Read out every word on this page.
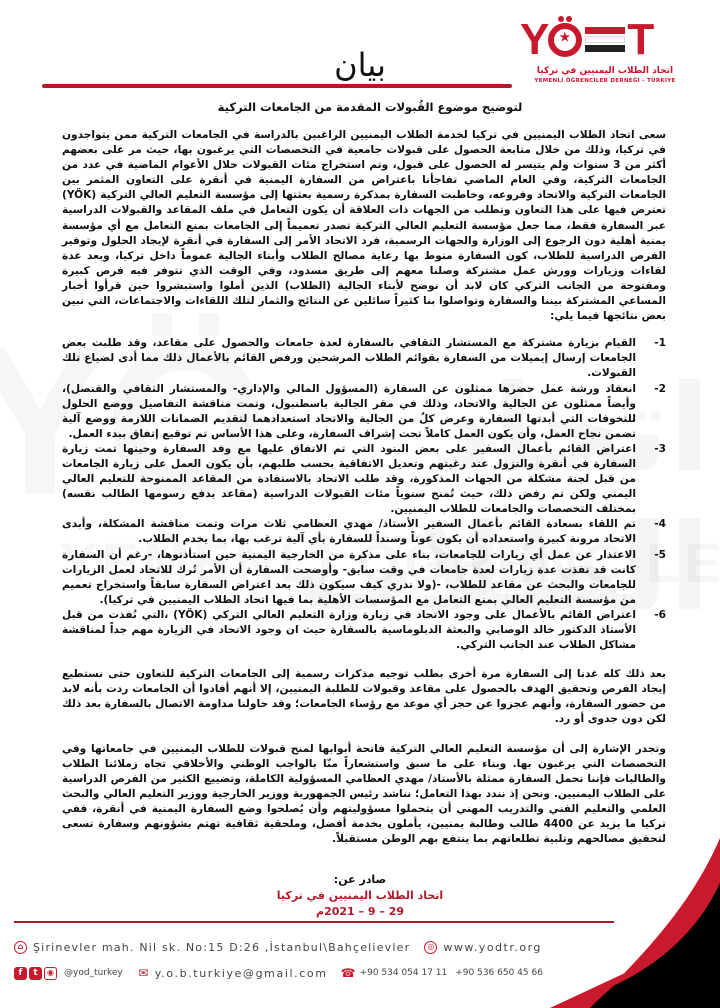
Y ★ T
اتحاد الطلاب اليمنيين في تركيا
YEMENLİ ÖĞRENCİLER DERNEĞİ - TÜRKİYE
بيان
لتوضيح موضوع القُبولات المقدمة من الجامعات التركية

سعى اتحاد الطلاب اليمنيين في تركيا لخدمة الطلاب اليمنيين الراغبين بالدراسة في الجامعات التركية ممن يتواجدون في تركيا، وذلك من خلال متابعة الحصول على قبولات جامعية في التخصصات التي يرغبون بها، حيث مر على بعضهم أكثر من 3 سنوات ولم يتيسر له الحصول على قبول، وتم استخراج مئات القبولات خلال الأعوام الماضية في عدد من الجامعات التركية، وفي العام الماضي تفاجأنا باعتراض من السفارة اليمنية في أنقرة على التعاون المثمر بين الجامعات التركية والاتحاد وفروعه، وخاطبت السفارة بمذكرة رسمية بعثتها إلى مؤسسة التعليم العالي التركية (YÖK) تعترض فيها على هذا التعاون وتطلب من الجهات ذات العلاقة أن يكون التعامل في ملف المقاعد والقبولات الدراسية عبر السفارة فقط، مما جعل مؤسسة التعليم العالي التركية تصدر تعميماً إلى الجامعات بمنع التعامل مع أي مؤسسة يمنية أهلية دون الرجوع إلى الوزارة والجهات الرسمية، فرد الاتحاد الأمر إلى السفارة في أنقرة لإيجاد الحلول وتوفير الفرص الدراسية للطلاب، كون السفارة منوط بها رعاية مصالح الطلاب وأبناء الجالية عموماً داخل تركيا، وبعد عدة لقاءات وزيارات وورش عمل مشتركة وصلنا معهم إلى طريق مسدود، وفي الوقت الذي تتوفر فيه فرص كبيرة ومفتوحة من الجانب التركي كان لابد أن نوضح لأبناء الجالية (الطلاب) الذين أملوا واستبشروا حين قرأوا أخبار المساعي المشتركة بيننا والسفارة وتواصلوا بنا كثيراً سائلين عن النتائج والثمار لتلك اللقاءات والاجتماعات، التي نبين بعض نتائجها فيما يلي:

-1
القيام بزيارة مشتركة مع المستشار الثقافي بالسفارة لعدة جامعات والحصول على مقاعد، وقد طلبت بعض الجامعات إرسال إيميلات من السفارة بقوائم الطلاب المرشحين ورفض القائم بالأعمال ذلك مما أدى لضياع تلك القبولات.
-2
انعقاد ورشة عمل حضرها ممثلون عن السفارة (المسؤول المالي والإداري- والمستشار الثقافي والقنصل)، وأيضاً ممثلون عن الجالية والاتحاد، وذلك في مقر الجالية باسطنبول، وتمت مناقشة التفاصيل ووضع الحلول للتخوفات التي أبدتها السفارة وعرض كلٌ من الجالية والاتحاد استعدادهما لتقديم الضمانات اللازمة ووضع آلية تضمن نجاح العمل، وأن يكون العمل كاملاً تحت إشراف السفارة، وعلى هذا الأساس تم توقيع إتفاق ببدء العمل.
-3
اعتراض القائم بأعمال السفير على بعض البنود التي تم الاتفاق عليها مع وفد السفارة وحينها تمت زيارة السفارة في أنقرة والنزول عند رغبتهم وتعديل الاتفاقية بحسب طلبهم، بأن يكون العمل على زيارة الجامعات من قبل لجنة مشكلة من الجهات المذكورة، وقد طلب الاتحاد بالاستفادة من المقاعد الممنوحة للتعليم العالي اليمني ولكن تم رفض ذلك، حيث تُمنح سنوياً مئات القبولات الدراسية (مقاعد يدفع رسومها الطالب نفسه) بمختلف التخصصات والجامعات للطلاب اليمنيين.
-4
تم اللقاء بسعادة القائم بأعمال السفير الأستاذ/ مهدي العظامي ثلاث مرات وتمت مناقشة المشكلة، وأبدى الاتحاد مرونة كبيرة واستعداده أن يكون عوناً وسنداً للسفارة بأي آلية ترغب بها، بما يخدم الطلاب.
-5
الاعتذار عن عمل أي زيارات للجامعات، بناء على مذكرة من الخارجية اليمنية حين استأذنوها، -رغم أن السفارة كانت قد نفذت عدة زيارات لعدة جامعات في وقت سابق- وأوضحت السفارة أن الأمر تُرك للاتحاد لعمل الزيارات للجامعات والبحث عن مقاعد للطلاب، -(ولا ندري كيف سيكون ذلك بعد اعتراض السفارة سابقاً واستخراج تعميم من مؤسسة التعليم العالي بمنع التعامل مع المؤسسات الأهلية بما فيها اتحاد الطلاب اليمنيين في تركيا).
-6
اعتراض القائم بالأعمال على وجود الاتحاد في زيارة وزارة التعليم العالي التركي (YÖK) ،التي نُفذت من قبل الأستاذ الدكتور خالد الوصابي والبعثة الدبلوماسية بالسفارة حيث ان وجود الاتحاد في الزيارة مهم جداً لمناقشة مشاكل الطلاب عند الجانب التركي.

بعد ذلك كله غدنا إلى السفارة مرة أخرى بطلب توجيه مذكرات رسمية إلى الجامعات التركية للتعاون حتى نستطيع إيجاد الفرص وتحقيق الهدف بالحصول على مقاعد وقبولات للطلبة اليمنيين، إلا أنهم أفادوا أن الجامعات ردت بأنه لابد من حضور السفارة، وأنهم عجزوا عن حجز أي موعد مع رؤساء الجامعات؛ وقد حاولنا مداومة الاتصال بالسفارة بعد ذلك لكن دون جدوى أو رد.

وتجدر الإشارة إلى أن مؤسسة التعليم العالي التركية فاتحة أبوابها لمنح قبولات للطلاب اليمنيين في جامعاتها وفي التخصصات التي يرغبون بها. وبناء على ما سبق واستشعاراً منّا بالواجب الوطني والأخلاقي تجاه زملائنا الطلاب والطالبات فإننا نحمل السفارة ممثلة بالأستاذ/ مهدي العظامي المسؤولية الكاملة، وتضييع الكثير من الفرص الدراسية على الطلاب اليمنيين. ونحن إذ نندد بهذا التعامل؛ نناشد رئيس الجمهورية ووزير الخارجية ووزير التعليم العالي والبحث العلمي والتعليم الفني والتدريب المهني أن يتحملوا مسؤوليتهم وأن يُصلحوا وضع السفارة اليمنية في أنقرة، ففي تركيا ما يزيد عن 4400 طالب وطالبة يمنيين، يأملون بخدمة أفضل، وملحقية ثقافية تهتم بشؤونهم وسفارة تسعى لتحقيق مصالحهم وتلبية تطلعاتهم بما ينتفع بهم الوطن مستقبلاً.

صادر عن:
اتحاد الطلاب اليمنيين في تركيا
29 – 9 – 2021م
⌂ Şirinevler mah. Nil sk. No:15 D:26 ,İstanbul\Bahçelievler	◎ www.yodtr.org
f	t	◉	@yod_turkey ✉ y.o.b.turkiye@gmail.com ☎ +90 534 054 17 11 +90 536 650 45 66
